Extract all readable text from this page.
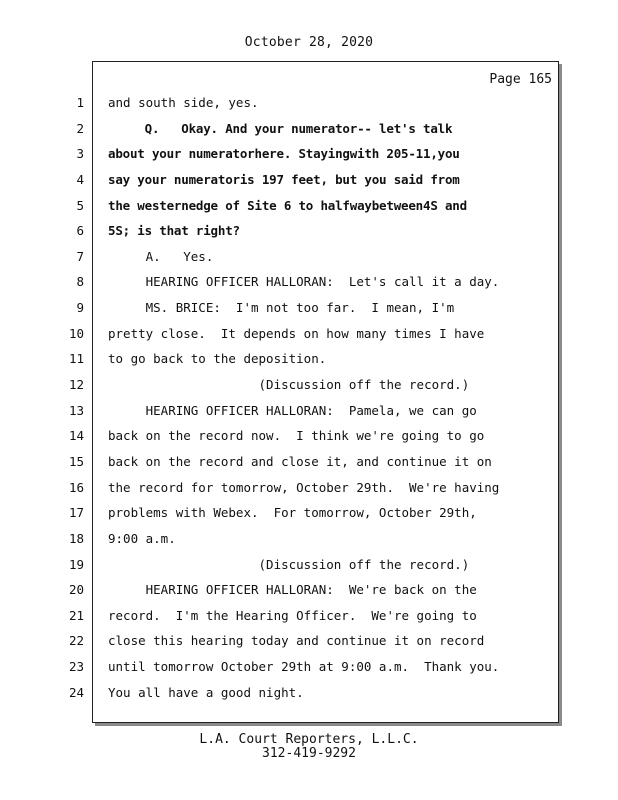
October 28, 2020
Page 165
1 and south side, yes.
2 Q.   Okay. And your numerator-- let's talk
3 about your numeratorhere. Stayingwith 205-11,you
4 say your numeratoris 197 feet, but you said from
5 the westernedge of Site 6 to halfwaybetween4S and
6 5S; is that right?
7 A.   Yes.
8 HEARING OFFICER HALLORAN:  Let's call it a day.
9 MS. BRICE:  I'm not too far.  I mean, I'm
10 pretty close.  It depends on how many times I have
11 to go back to the deposition.
12 (Discussion off the record.)
13 HEARING OFFICER HALLORAN:  Pamela, we can go
14 back on the record now.  I think we're going to go
15 back on the record and close it, and continue it on
16 the record for tomorrow, October 29th.  We're having
17 problems with Webex.  For tomorrow, October 29th,
18 9:00 a.m.
19 (Discussion off the record.)
20 HEARING OFFICER HALLORAN:  We're back on the
21 record.  I'm the Hearing Officer.  We're going to
22 close this hearing today and continue it on record
23 until tomorrow October 29th at 9:00 a.m.  Thank you.
24 You all have a good night.
L.A. Court Reporters, L.L.C.
312-419-9292
